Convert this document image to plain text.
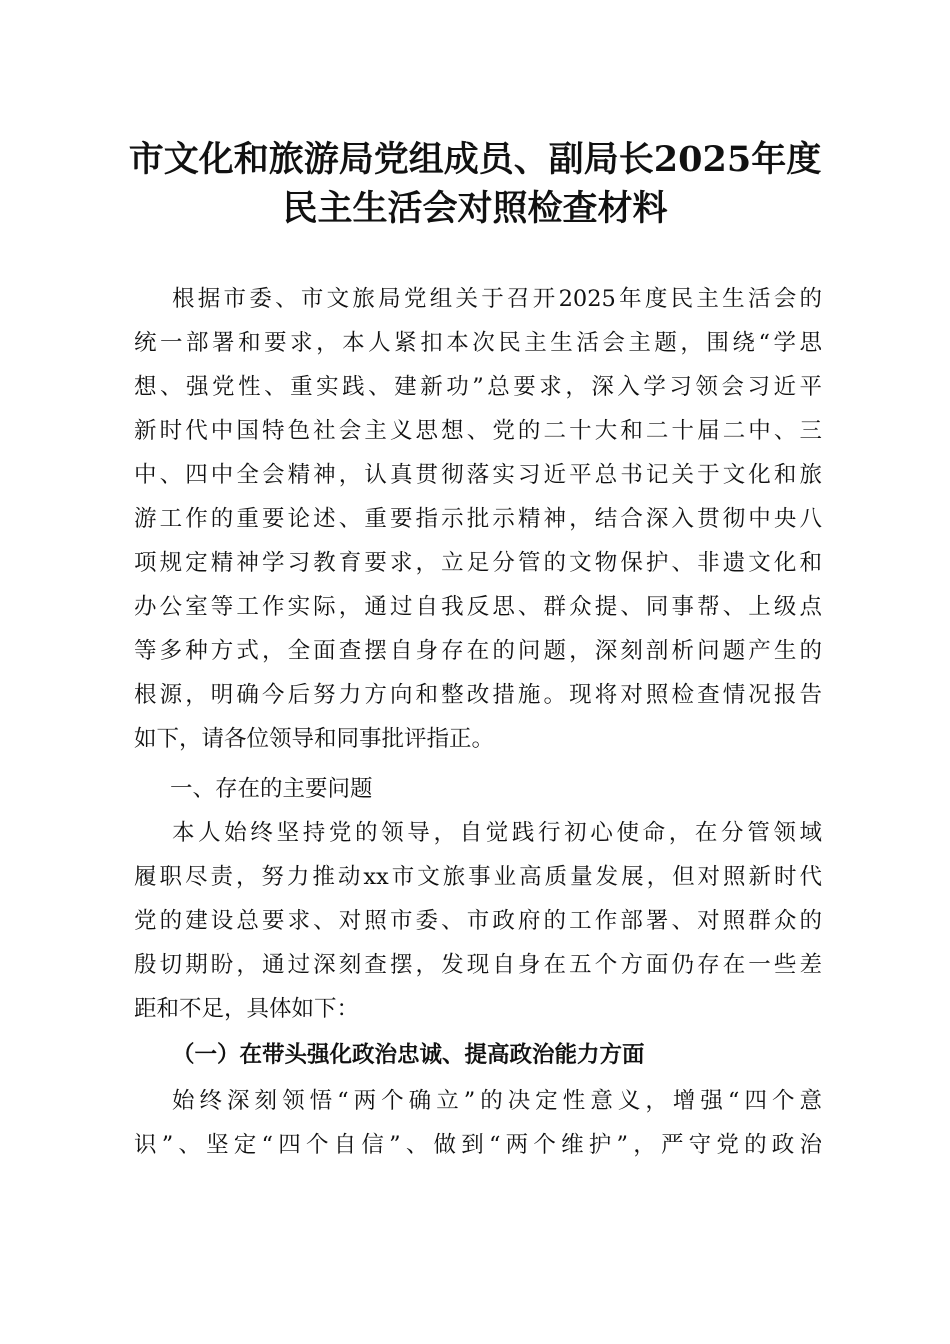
市文化和旅游局党组成员、副局长2025年度
民主生活会对照检查材料

根据市委、市文旅局党组关于召开2025年度民主生活会的

统一部署和要求，本人紧扣本次民主生活会主题，围绕“学思

想、强党性、重实践、建新功”总要求，深入学习领会习近平

新时代中国特色社会主义思想、党的二十大和二十届二中、三

中、四中全会精神，认真贯彻落实习近平总书记关于文化和旅

游工作的重要论述、重要指示批示精神，结合深入贯彻中央八

项规定精神学习教育要求，立足分管的文物保护、非遗文化和

办公室等工作实际，通过自我反思、群众提、同事帮、上级点

等多种方式，全面查摆自身存在的问题，深刻剖析问题产生的

根源，明确今后努力方向和整改措施。现将对照检查情况报告

如下，请各位领导和同事批评指正。

一、存在的主要问题

本人始终坚持党的领导，自觉践行初心使命，在分管领域

履职尽责，努力推动xx市文旅事业高质量发展，但对照新时代

党的建设总要求、对照市委、市政府的工作部署、对照群众的

殷切期盼，通过深刻查摆，发现自身在五个方面仍存在一些差

距和不足，具体如下：

（一）在带头强化政治忠诚、提高政治能力方面

始终深刻领悟“两个确立”的决定性意义，增强“四个意

识”、坚定“四个自信”、做到“两个维护”，严守党的政治
